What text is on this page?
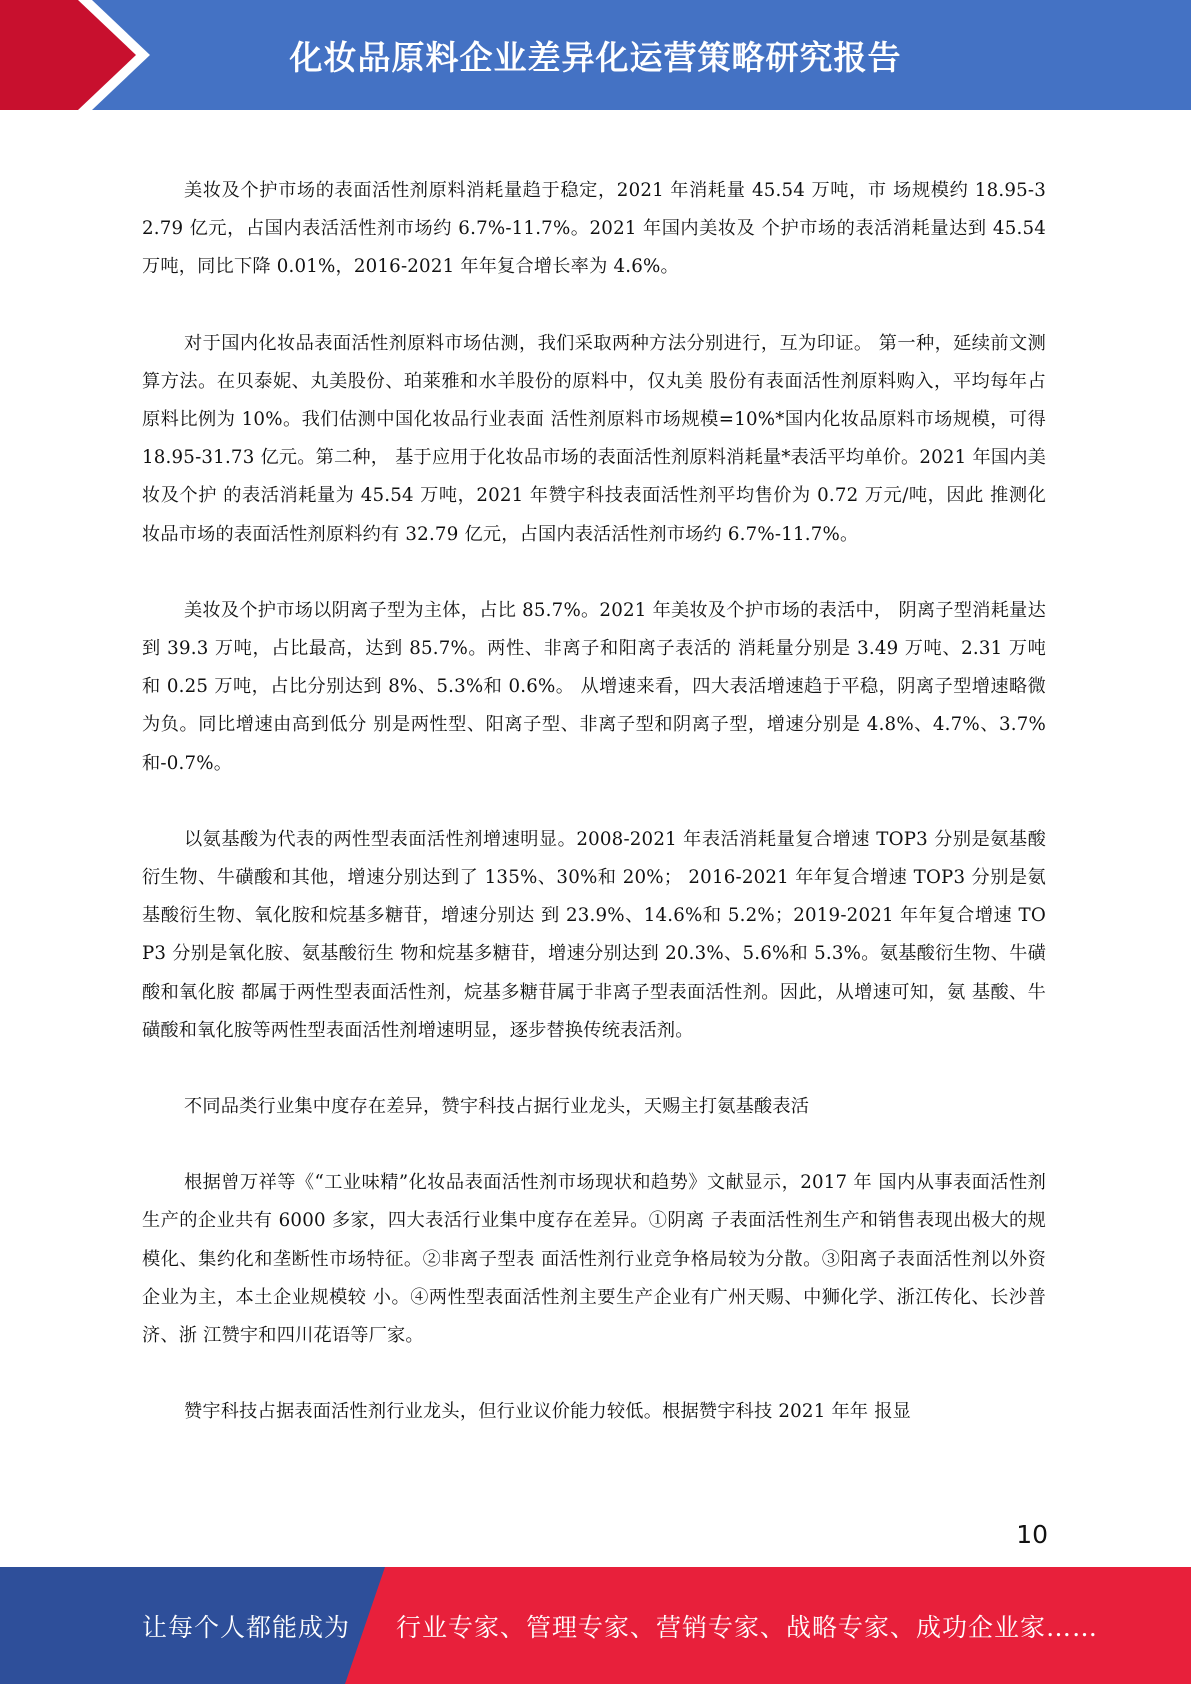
化妆品原料企业差异化运营策略研究报告

美妆及个护市场的表面活性剂原料消耗量趋于稳定，2021 年消耗量 45.54 万吨，市 场规模约 18.95-32.79 亿元，占国内表活活性剂市场约 6.7%-11.7%。2021 年国内美妆及 个护市场的表活消耗量达到 45.54 万吨，同比下降 0.01%，2016-2021 年年复合增长率为 4.6%。

对于国内化妆品表面活性剂原料市场估测，我们采取两种方法分别进行，互为印证。 第一种，延续前文测算方法。在贝泰妮、丸美股份、珀莱雅和水羊股份的原料中，仅丸美 股份有表面活性剂原料购入，平均每年占原料比例为 10%。我们估测中国化妆品行业表面 活性剂原料市场规模=10%*国内化妆品原料市场规模，可得 18.95-31.73 亿元。第二种， 基于应用于化妆品市场的表面活性剂原料消耗量*表活平均单价。2021 年国内美妆及个护 的表活消耗量为 45.54 万吨，2021 年赞宇科技表面活性剂平均售价为 0.72 万元/吨，因此 推测化妆品市场的表面活性剂原料约有 32.79 亿元，占国内表活活性剂市场约 6.7%-11.7%。

美妆及个护市场以阴离子型为主体，占比 85.7%。2021 年美妆及个护市场的表活中， 阴离子型消耗量达到 39.3 万吨，占比最高，达到 85.7%。两性、非离子和阳离子表活的 消耗量分别是 3.49 万吨、2.31 万吨和 0.25 万吨，占比分别达到 8%、5.3%和 0.6%。 从增速来看，四大表活增速趋于平稳，阴离子型增速略微为负。同比增速由高到低分 别是两性型、阳离子型、非离子型和阴离子型，增速分别是 4.8%、4.7%、3.7%和-0.7%。

以氨基酸为代表的两性型表面活性剂增速明显。2008-2021 年表活消耗量复合增速 TOP3 分别是氨基酸衍生物、牛磺酸和其他，增速分别达到了 135%、30%和 20%； 2016-2021 年年复合增速 TOP3 分别是氨基酸衍生物、氧化胺和烷基多糖苷，增速分别达 到 23.9%、14.6%和 5.2%；2019-2021 年年复合增速 TOP3 分别是氧化胺、氨基酸衍生 物和烷基多糖苷，增速分别达到 20.3%、5.6%和 5.3%。氨基酸衍生物、牛磺酸和氧化胺 都属于两性型表面活性剂，烷基多糖苷属于非离子型表面活性剂。因此，从增速可知，氨 基酸、牛磺酸和氧化胺等两性型表面活性剂增速明显，逐步替换传统表活剂。

不同品类行业集中度存在差异，赞宇科技占据行业龙头，天赐主打氨基酸表活

根据曾万祥等《“工业味精”化妆品表面活性剂市场现状和趋势》文献显示，2017 年 国内从事表面活性剂生产的企业共有 6000 多家，四大表活行业集中度存在差异。①阴离 子表面活性剂生产和销售表现出极大的规模化、集约化和垄断性市场特征。②非离子型表 面活性剂行业竞争格局较为分散。③阳离子表面活性剂以外资企业为主，本土企业规模较 小。④两性型表面活性剂主要生产企业有广州天赐、中狮化学、浙江传化、长沙普济、浙 江赞宇和四川花语等厂家。

赞宇科技占据表面活性剂行业龙头，但行业议价能力较低。根据赞宇科技 2021 年年 报显

10
让每个人都能成为 行业专家、管理专家、营销专家、战略专家、成功企业家……
